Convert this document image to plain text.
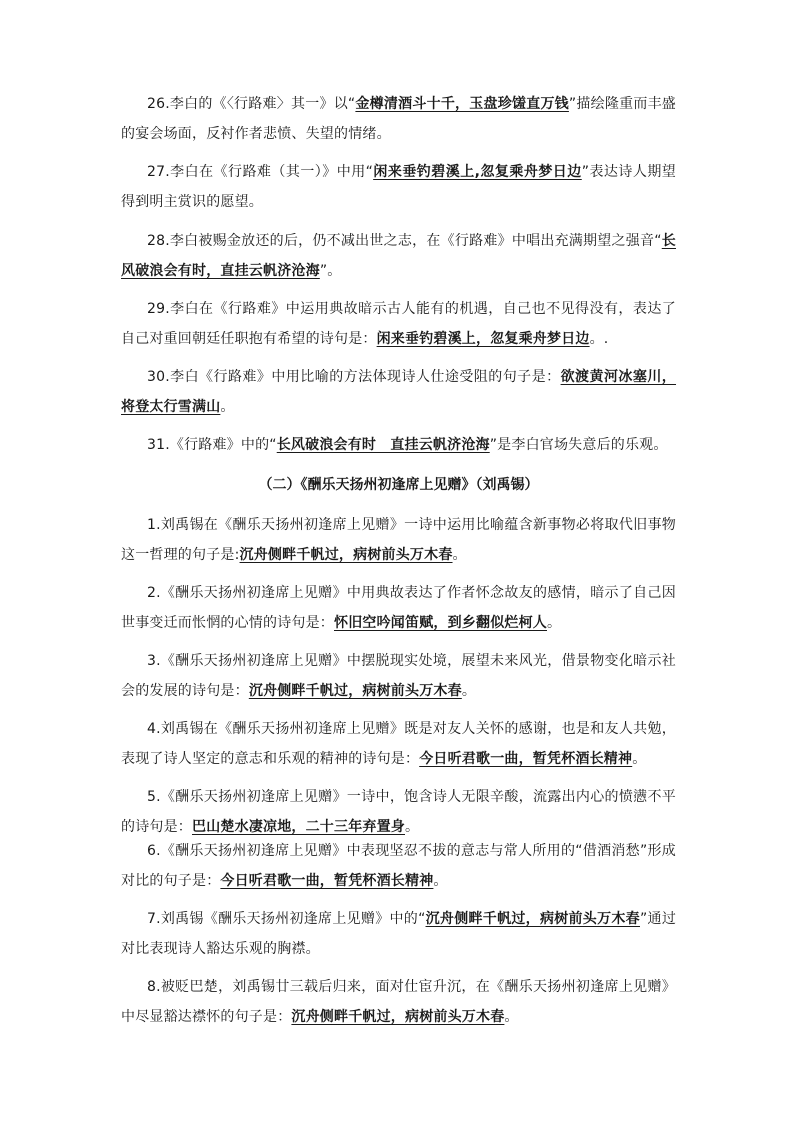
26.李白的《〈行路难〉其一》以“金樽清酒斗十千，玉盘珍馐直万钱”描绘隆重而丰盛的宴会场面，反衬作者悲愤、失望的情绪。

27.李白在《行路难（其一）》中用“闲来垂钓碧溪上,忽复乘舟梦日边”表达诗人期望得到明主赏识的愿望。

28.李白被赐金放还的后，仍不减出世之志，在《行路难》中唱出充满期望之强音“长风破浪会有时，直挂云帆济沧海”。

29.李白在《行路难》中运用典故暗示古人能有的机遇，自己也不见得没有，表达了自己对重回朝廷任职抱有希望的诗句是：闲来垂钓碧溪上，忽复乘舟梦日边。.

30.李白《行路难》中用比喻的方法体现诗人仕途受阻的句子是：欲渡黄河冰塞川，将登太行雪满山。

31.《行路难》中的“长风破浪会有时　直挂云帆济沧海”是李白官场失意后的乐观。

（二）《酬乐天扬州初逢席上见赠》（刘禹锡）

1.刘禹锡在《酬乐天扬州初逢席上见赠》一诗中运用比喻蕴含新事物必将取代旧事物这一哲理的句子是:沉舟侧畔千帆过，病树前头万木春。

2.《酬乐天扬州初逢席上见赠》中用典故表达了作者怀念故友的感情，暗示了自己因世事变迁而怅惘的心情的诗句是：怀旧空吟闻笛赋，到乡翻似烂柯人。

3.《酬乐天扬州初逢席上见赠》中摆脱现实处境，展望未来风光，借景物变化暗示社会的发展的诗句是：沉舟侧畔千帆过，病树前头万木春。

4.刘禹锡在《酬乐天扬州初逢席上见赠》既是对友人关怀的感谢，也是和友人共勉，表现了诗人坚定的意志和乐观的精神的诗句是：今日听君歌一曲，暂凭杯酒长精神。

5.《酬乐天扬州初逢席上见赠》一诗中，饱含诗人无限辛酸，流露出内心的愤懑不平的诗句是：巴山楚水凄凉地，二十三年弃置身。

6.《酬乐天扬州初逢席上见赠》中表现坚忍不拔的意志与常人所用的“借酒消愁”形成对比的句子是：今日听君歌一曲，暂凭杯酒长精神。

7.刘禹锡《酬乐天扬州初逢席上见赠》中的“沉舟侧畔千帆过，病树前头万木春”通过对比表现诗人豁达乐观的胸襟。

8.被贬巴楚，刘禹锡廿三载后归来，面对仕宦升沉，在《酬乐天扬州初逢席上见赠》中尽显豁达襟怀的句子是：沉舟侧畔千帆过，病树前头万木春。
